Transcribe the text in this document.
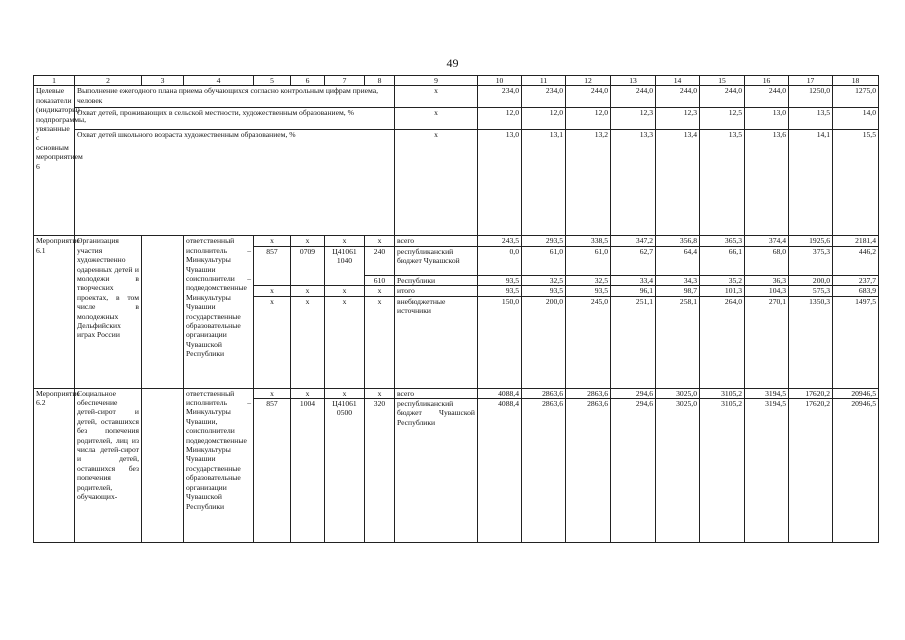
49
1	2	3	4	5	6	7	8	9	10	11	12	13	14	15	16	17	18
Целевые показатели (индикаторы) подпрограммы, увязанные с основным мероприятием 6	Выполнение ежегодного плана приема обучающихся согласно контрольным цифрам приема, человек							x	234,0	234,0	244,0	244,0	244,0	244,0	244,0	1250,0	1275,0
	Охват детей, проживающих в сельской местности, художественным образованием, %							x	12,0	12,0	12,0	12,3	12,3	12,5	13,0	13,5	14,0
	Охват детей школьного возраста художественным образованием, %							x	13,0	13,1	13,2	13,3	13,4	13,5	13,6	14,1	15,5
Мероприятие 6.1	Организация участия художественно одаренных детей и молодежи в творческих проектах, в том числе в молодежных Дельфийских играх России		ответственный исполнитель – Минкультуры Чувашии соисполнители – подведомственные Минкультуры Чувашии государственные образовательные организации Чувашской Республики	x	x	x	x	всего	243,5	293,5	338,5	347,2	356,8	365,3	374,4	1925,6	2181,4
				857	0709	Ц41061 1040	240	республиканский бюджет Чувашской	0,0	61,0	61,0	62,7	64,4	66,1	68,0	375,3	446,2
							610	Республики	93,5	32,5	32,5	33,4	34,3	35,2	36,3	200,0	237,7
				x	x	x	x	итого	93,5	93,5	93,5	96,1	98,7	101,3	104,3	575,3	683,9
				x	x	x	x	внебюджетные источники	150,0	200,0	245,0	251,1	258,1	264,0	270,1	1350,3	1497,5
Мероприятие 6.2	Социальное обеспечение детей-сирот и детей, оставшихся без попечения родителей, лиц из числа детей-сирот и детей, оставшихся без попечения родителей, обучающих-		ответственный исполнитель – Минкультуры Чувашии, соисполнители подведомственные Минкультуры Чувашии государственные образовательные организации Чувашской Республики	x	x	x	x	всего	4088,4	2863,6	2863,6	294,6	3025,0	3105,2	3194,5	17620,2	20946,5
				857	1004	Ц41061 0500	320	республиканский бюджет Чувашской Республики	4088,4	2863,6	2863,6	294,6	3025,0	3105,2	3194,5	17620,2	20946,5
